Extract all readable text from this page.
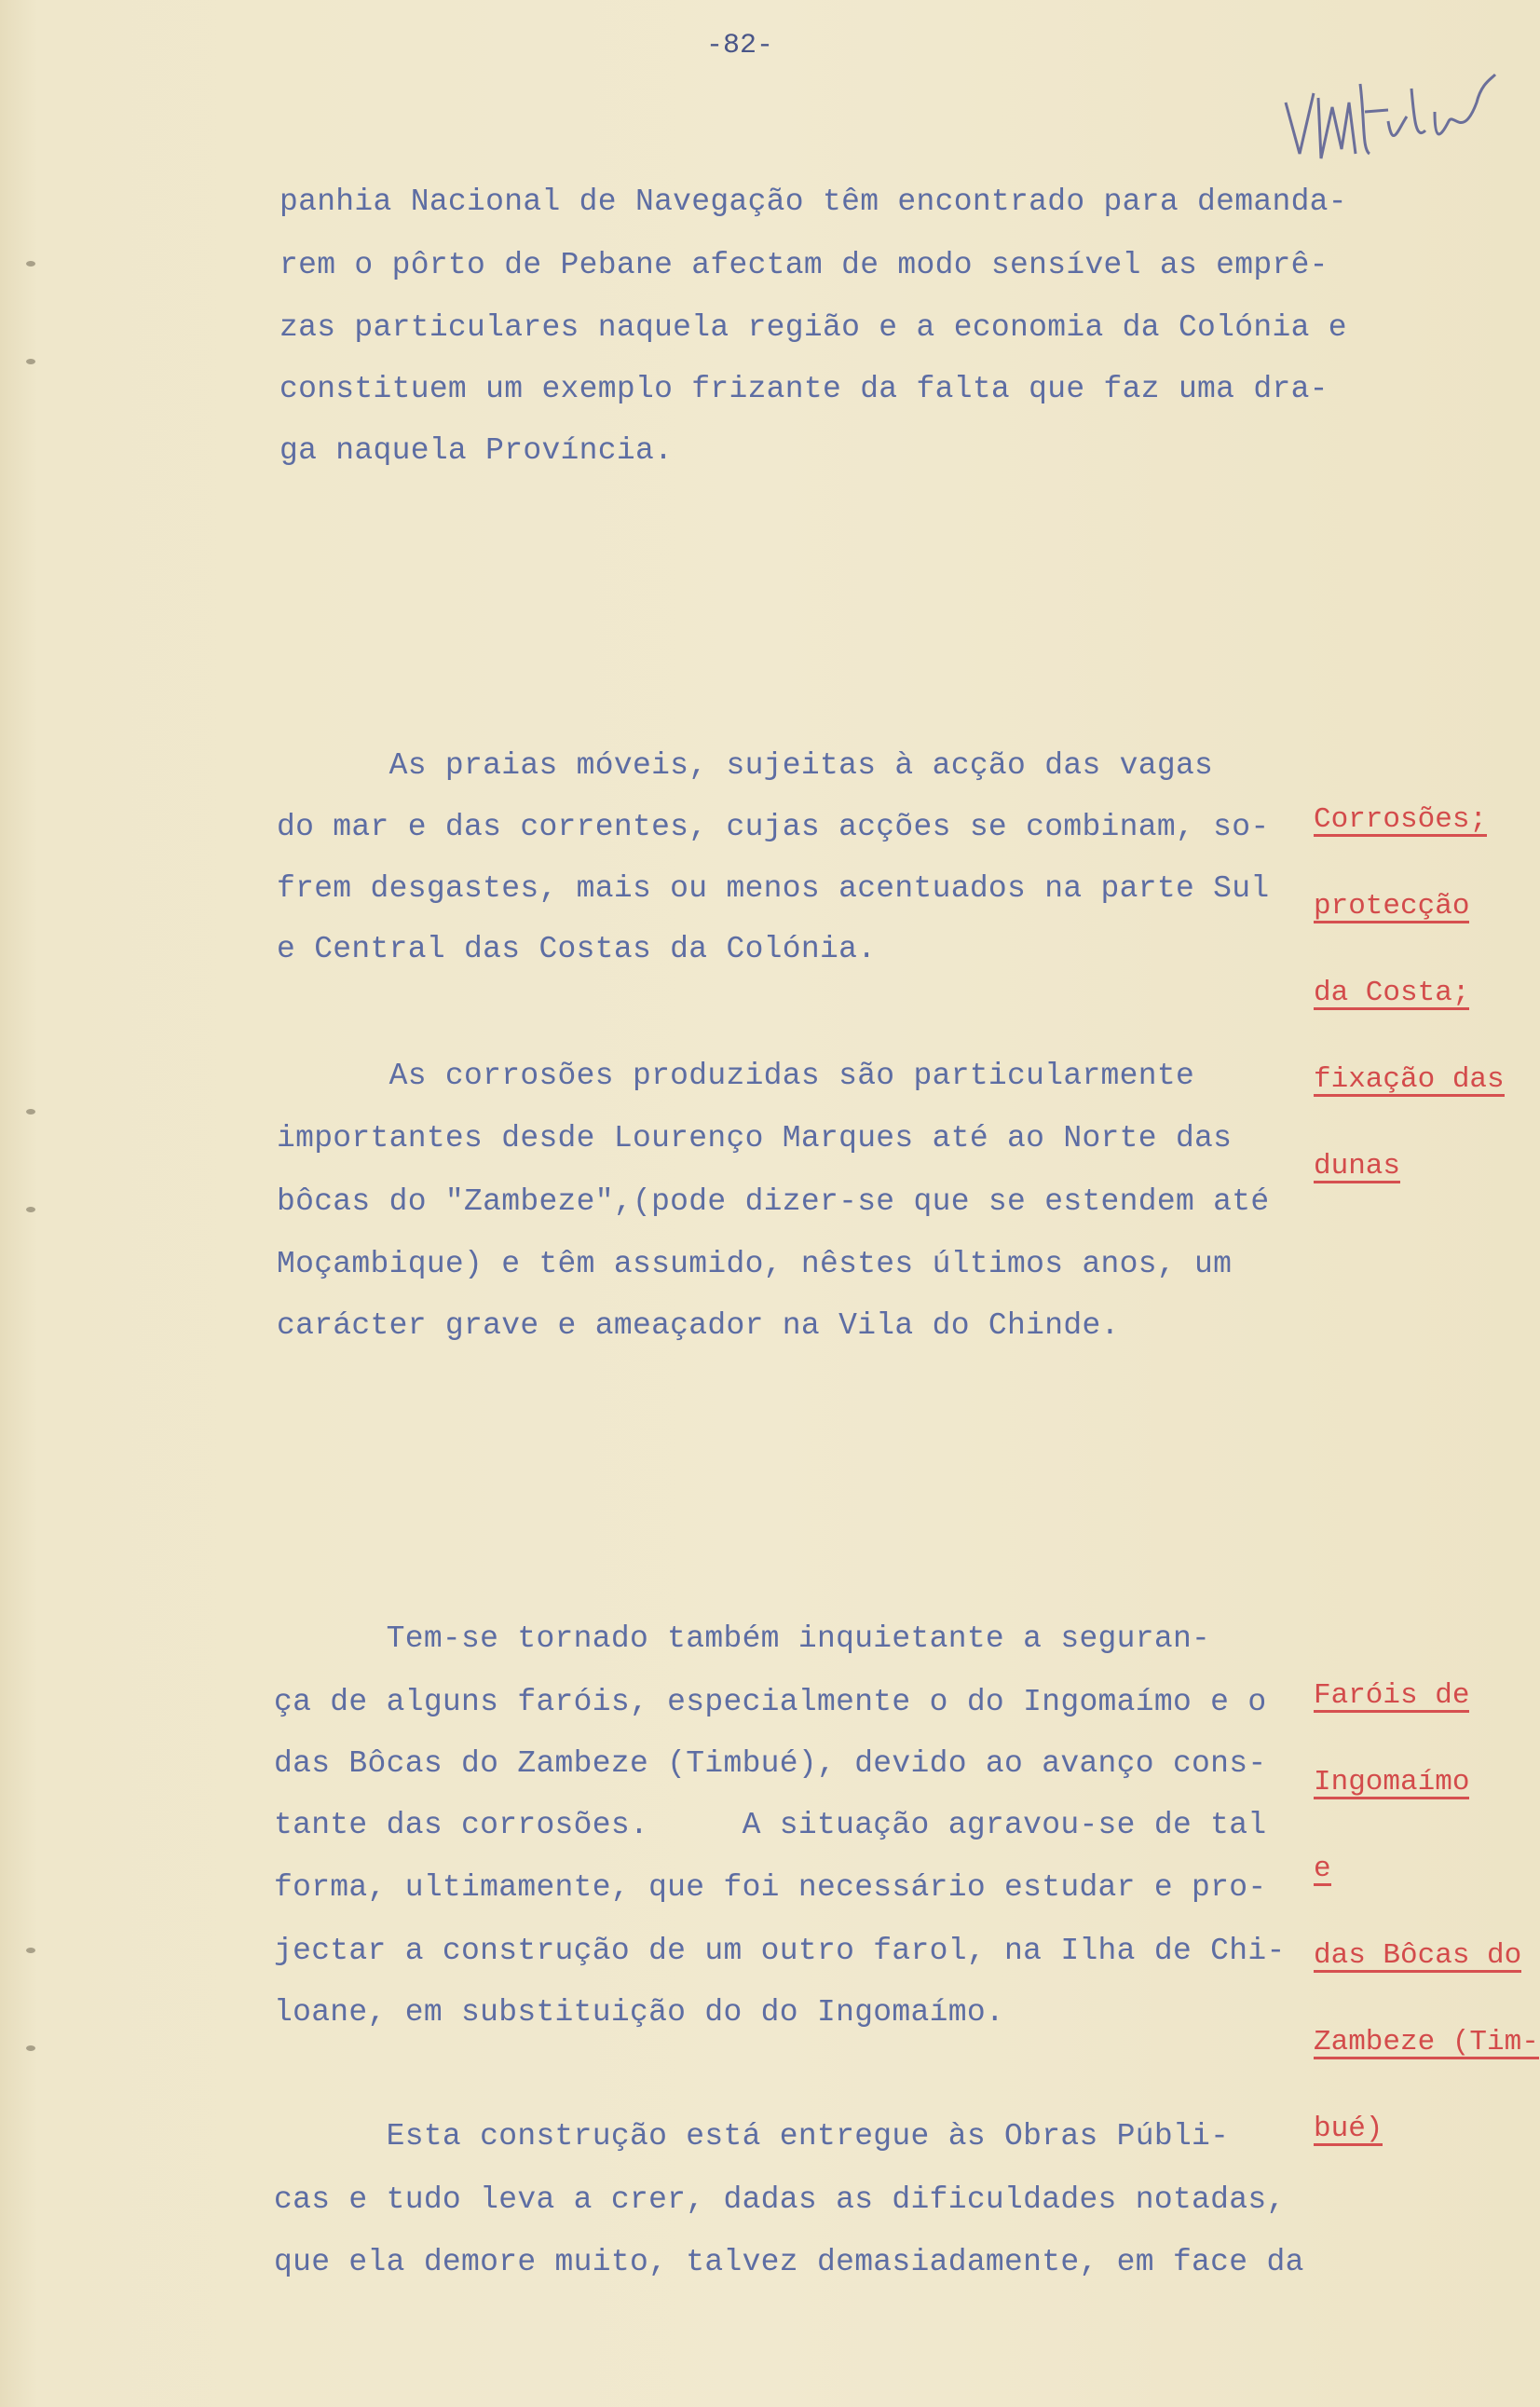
-82-
panhia Nacional de Navegação têm encontrado para demanda-
rem o pôrto de Pebane afectam de modo sensível as emprê-
zas particulares naquela região e a economia da Colónia e
constituem um exemplo frizante da falta que faz uma dra-
ga naquela Província.
As praias móveis, sujeitas à acção das vagas
do mar e das correntes, cujas acções se combinam, so-
frem desgastes, mais ou menos acentuados na parte Sul
e Central das Costas da Colónia.

Corrosões;

protecção

da Costa;

fixação das

dunas

As corrosões produzidas são particularmente
importantes desde Lourenço Marques até ao Norte das
bôcas do "Zambeze",(pode dizer-se que se estendem até
Moçambique) e têm assumido, nêstes últimos anos, um
carácter grave e ameaçador na Vila do Chinde.
Tem-se tornado também inquietante a seguran-
ça de alguns faróis, especialmente o do Ingomaímo e o
das Bôcas do Zambeze (Timbué), devido ao avanço cons-
tante das corrosões.     A situação agravou-se de tal
forma, ultimamente, que foi necessário estudar e pro-
jectar a construção de um outro farol, na Ilha de Chi-
loane, em substituição do do Ingomaímo.

Faróis de

Ingomaímo

e

das Bôcas do

Zambeze (Tim-

bué)

Esta construção está entregue às Obras Públi-
cas e tudo leva a crer, dadas as dificuldades notadas,
que ela demore muito, talvez demasiadamente, em face da
